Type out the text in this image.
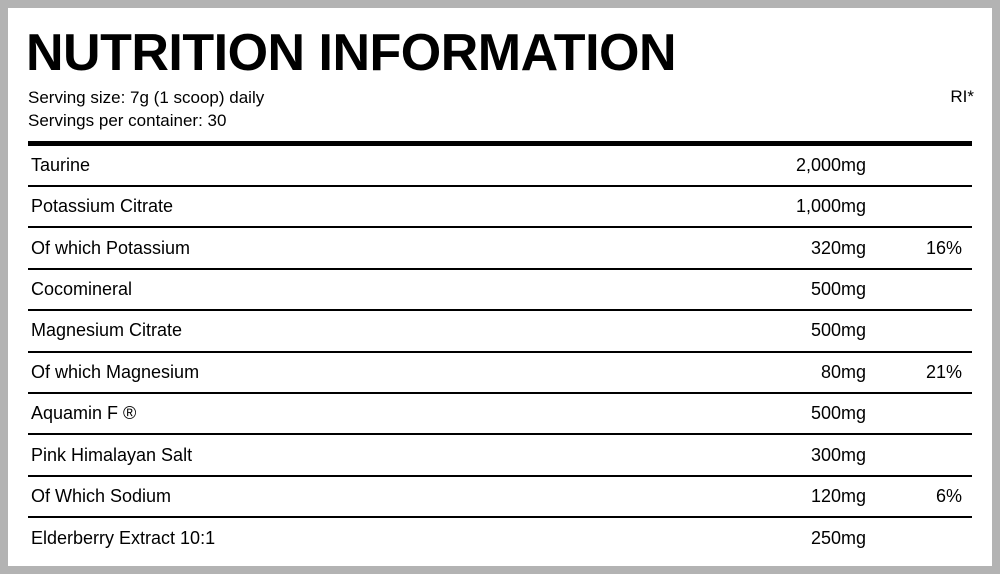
NUTRITION INFORMATION
Serving size: 7g (1 scoop) daily
Servings per container: 30
RI*
Taurine	2,000mg
Potassium Citrate	1,000mg
Of which Potassium	320mg	16%
Cocomineral	500mg
Magnesium Citrate	500mg
Of which Magnesium	80mg	21%
Aquamin F ®	500mg
Pink Himalayan Salt	300mg
Of Which Sodium	120mg	6%
Elderberry Extract 10:1	250mg
